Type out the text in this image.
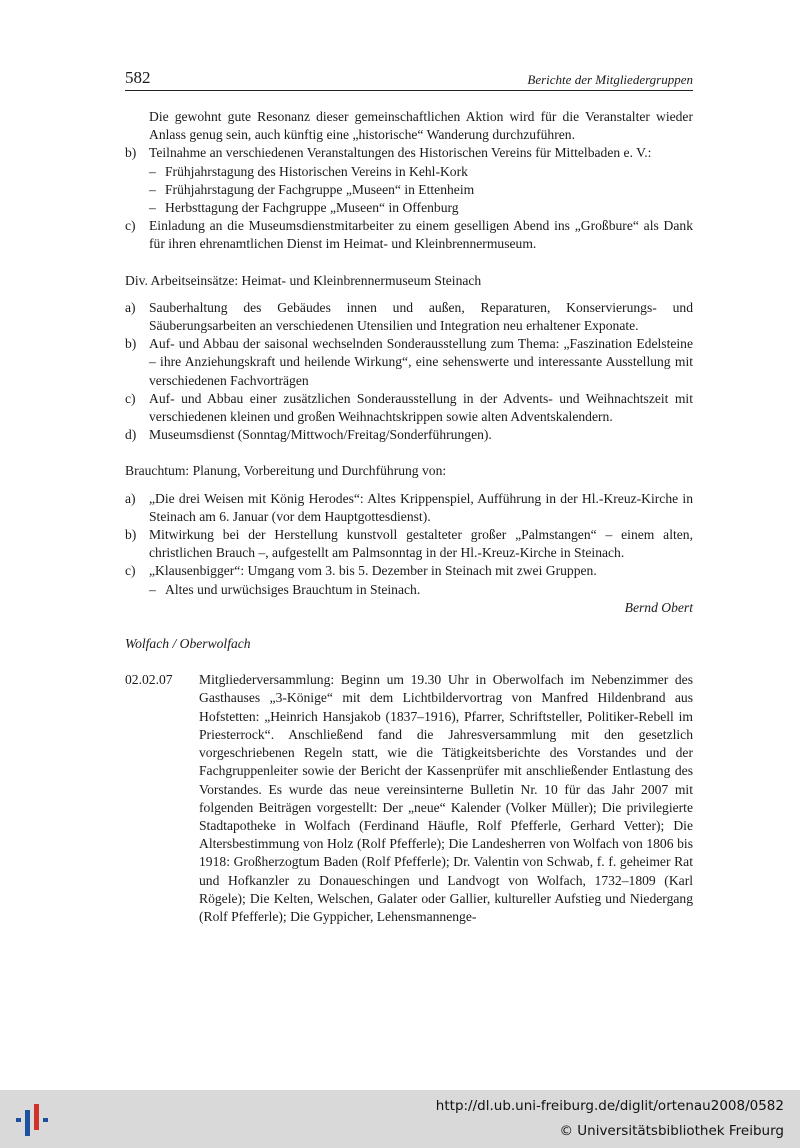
582	Berichte der Mitgliedergruppen

Die gewohnt gute Resonanz dieser gemeinschaftlichen Aktion wird für die Veranstalter wieder Anlass genug sein, auch künftig eine „historische“ Wanderung durchzuführen.

b) Teilnahme an verschiedenen Veranstaltungen des Historischen Vereins für Mittelbaden e. V.:
– Frühjahrstagung des Historischen Vereins in Kehl-Kork
– Frühjahrstagung der Fachgruppe „Museen“ in Ettenheim
– Herbsttagung der Fachgruppe „Museen“ in Offenburg
c) Einladung an die Museumsdienstmitarbeiter zu einem geselligen Abend ins „Großbure“ als Dank für ihren ehrenamtlichen Dienst im Heimat- und Kleinbrennermuseum.

Div. Arbeitseinsätze: Heimat- und Kleinbrennermuseum Steinach

a) Sauberhaltung des Gebäudes innen und außen, Reparaturen, Konservierungs- und Säuberungsarbeiten an verschiedenen Utensilien und Integration neu erhaltener Exponate.
b) Auf- und Abbau der saisonal wechselnden Sonderausstellung zum Thema: „Faszination Edelsteine – ihre Anziehungskraft und heilende Wirkung“, eine sehenswerte und interessante Ausstellung mit verschiedenen Fachvorträgen
c) Auf- und Abbau einer zusätzlichen Sonderausstellung in der Advents- und Weihnachtszeit mit verschiedenen kleinen und großen Weihnachtskrippen sowie alten Adventskalendern.
d) Museumsdienst (Sonntag/Mittwoch/Freitag/Sonderführungen).

Brauchtum: Planung, Vorbereitung und Durchführung von:

a) „Die drei Weisen mit König Herodes“: Altes Krippenspiel, Aufführung in der Hl.-Kreuz-Kirche in Steinach am 6. Januar (vor dem Hauptgottesdienst).
b) Mitwirkung bei der Herstellung kunstvoll gestalteter großer „Palmstangen“ – einem alten, christlichen Brauch –, aufgestellt am Palmsonntag in der Hl.-Kreuz-Kirche in Steinach.
c) „Klausenbigger“: Umgang vom 3. bis 5. Dezember in Steinach mit zwei Gruppen.
– Altes und urwüchsiges Brauchtum in Steinach.

Bernd Obert

Wolfach / Oberwolfach

02.02.07 Mitgliederversammlung: Beginn um 19.30 Uhr in Oberwolfach im Nebenzimmer des Gasthauses „3-Könige“ mit dem Lichtbildervortrag von Manfred Hildenbrand aus Hofstetten: „Heinrich Hansjakob (1837–1916), Pfarrer, Schriftsteller, Politiker-Rebell im Priesterrock“. Anschließend fand die Jahresversammlung mit den gesetzlich vorgeschriebenen Regeln statt, wie die Tätigkeitsberichte des Vorstandes und der Fachgruppenleiter sowie der Bericht der Kassenprüfer mit anschließender Entlastung des Vorstandes. Es wurde das neue vereinsinterne Bulletin Nr. 10 für das Jahr 2007 mit folgenden Beiträgen vorgestellt: Der „neue“ Kalender (Volker Müller); Die privilegierte Stadtapotheke in Wolfach (Ferdinand Häufle, Rolf Pfefferle, Gerhard Vetter); Die Altersbestimmung von Holz (Rolf Pfefferle); Die Landesherren von Wolfach von 1806 bis 1918: Großherzogtum Baden (Rolf Pfefferle); Dr. Valentin von Schwab, f. f. geheimer Rat und Hofkanzler zu Donaueschingen und Landvogt von Wolfach, 1732–1809 (Karl Rögele); Die Kelten, Welschen, Galater oder Gallier, kultureller Aufstieg und Niedergang (Rolf Pfefferle); Die Gyppicher, Lehensmannenge-
http://dl.ub.uni-freiburg.de/diglit/ortenau2008/0582
© Universitätsbibliothek Freiburg
